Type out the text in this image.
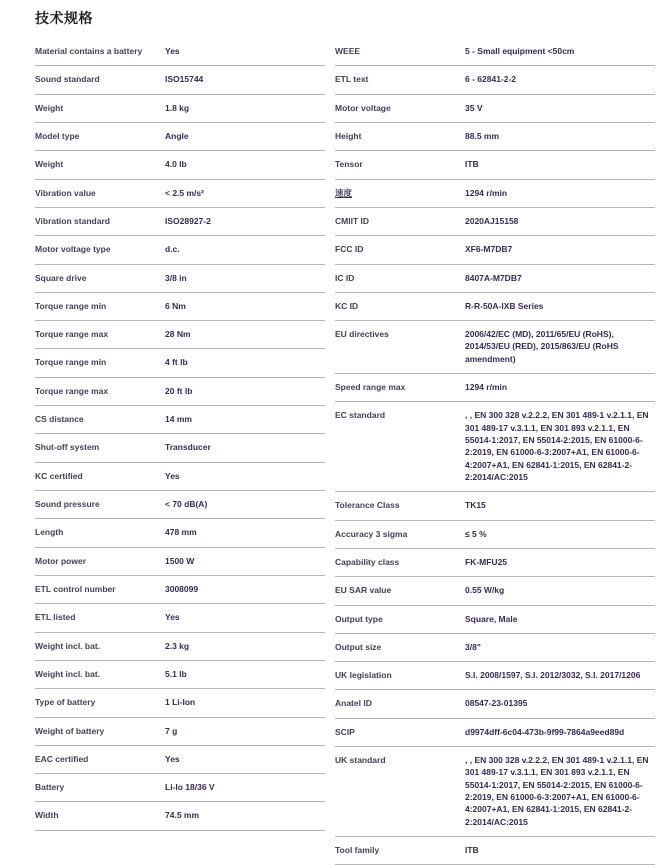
技术规格
Material contains a battery	Yes
Sound standard	ISO15744
Weight	1.8 kg
Model type	Angle
Weight	4.0 lb
Vibration value	< 2.5 m/s²
Vibration standard	ISO28927-2
Motor voltage type	d.c.
Square drive	3/8 in
Torque range min	6 Nm
Torque range max	28 Nm
Torque range min	4 ft lb
Torque range max	20 ft lb
CS distance	14 mm
Shut-off system	Transducer
KC certified	Yes
Sound pressure	< 70 dB(A)
Length	478 mm
Motor power	1500 W
ETL control number	3008099
ETL listed	Yes
Weight incl. bat.	2.3 kg
Weight incl. bat.	5.1 lb
Type of battery	1 Li-Ion
Weight of battery	7 g
EAC certified	Yes
Battery	Li-Io 18/36 V
Width	74.5 mm
WEEE	5 - Small equipment <50cm
ETL text	6 - 62841-2-2
Motor voltage	35 V
Height	88.5 mm
Tensor	ITB
速度	1294 r/min
CMIIT ID	2020AJ15158
FCC ID	XF6-M7DB7
IC ID	8407A-M7DB7
KC ID	R-R-50A-IXB Series
EU directives	2006/42/EC (MD), 2011/65/EU (RoHS), 2014/53/EU (RED), 2015/863/EU (RoHS amendment)
Speed range max	1294 r/min
EC standard	, , EN 300 328 v.2.2.2, EN 301 489-1 v.2.1.1, EN 301 489-17 v.3.1.1, EN 301 893 v.2.1.1, EN 55014-1:2017, EN 55014-2:2015, EN 61000-6-2:2019, EN 61000-6-3:2007+A1, EN 61000-6-4:2007+A1, EN 62841-1:2015, EN 62841-2-2:2014/AC:2015
Tolerance Class	TK15
Accuracy 3 sigma	≤ 5 %
Capability class	FK-MFU25
EU SAR value	0.55 W/kg
Output type	Square, Male
Output size	3/8"
UK legislation	S.I. 2008/1597, S.I. 2012/3032, S.I. 2017/1206
Anatel ID	08547-23-01395
SCIP	d9974dff-6c04-473b-9f99-7864a9eed89d
UK standard	, , EN 300 328 v.2.2.2, EN 301 489-1 v.2.1.1, EN 301 489-17 v.3.1.1, EN 301 893 v.2.1.1, EN 55014-1:2017, EN 55014-2:2015, EN 61000-6-2:2019, EN 61000-6-3:2007+A1, EN 61000-6-4:2007+A1, EN 62841-1:2015, EN 62841-2-2:2014/AC:2015
Tool family	ITB
